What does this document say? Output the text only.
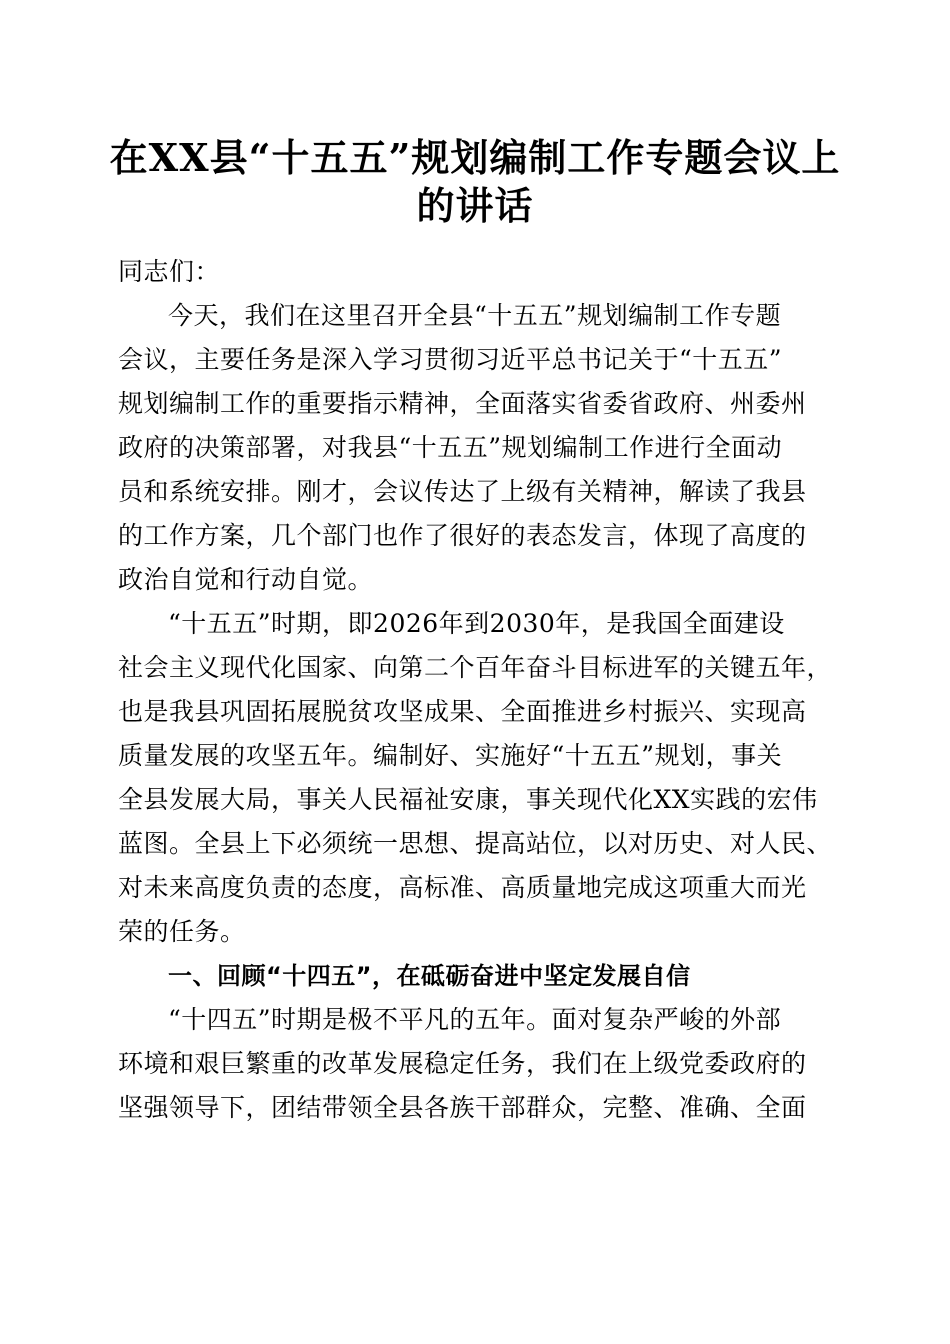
在XX县“十五五”规划编制工作专题会议上
的讲话
同志们：
今天，我们在这里召开全县“十五五”规划编制工作专题
会议，主要任务是深入学习贯彻习近平总书记关于“十五五”
规划编制工作的重要指示精神，全面落实省委省政府、州委州
政府的决策部署，对我县“十五五”规划编制工作进行全面动
员和系统安排。刚才，会议传达了上级有关精神，解读了我县
的工作方案，几个部门也作了很好的表态发言，体现了高度的
政治自觉和行动自觉。
“十五五”时期，即2026年到2030年，是我国全面建设
社会主义现代化国家、向第二个百年奋斗目标进军的关键五年，
也是我县巩固拓展脱贫攻坚成果、全面推进乡村振兴、实现高
质量发展的攻坚五年。编制好、实施好“十五五”规划，事关
全县发展大局，事关人民福祉安康，事关现代化XX实践的宏伟
蓝图。全县上下必须统一思想、提高站位，以对历史、对人民、
对未来高度负责的态度，高标准、高质量地完成这项重大而光
荣的任务。
一、回顾“十四五”，在砥砺奋进中坚定发展自信
“十四五”时期是极不平凡的五年。面对复杂严峻的外部
环境和艰巨繁重的改革发展稳定任务，我们在上级党委政府的
坚强领导下，团结带领全县各族干部群众，完整、准确、全面
